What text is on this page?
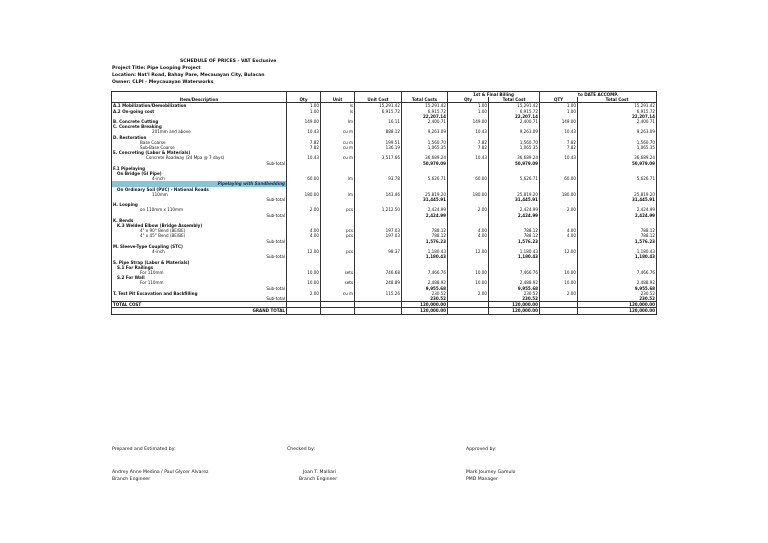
SCHEDULE OF PRICES - VAT Exclusive
Project Title: Pipe Looping Project
Location: Nat'l Road, Bahay Pare, Mecauayan City, Bulacan
Owner: CLPI - Meycauayan Waterworks
					1st & Final Billing		to DATE ACCOMP.	
Item/Description	Qty	Unit	Unit Cost	Total Costs	Qty	Total Cost	QTY	Total Cost
A.1 Mobilization/Demobilization	1.00	ls	15,291.42	15,291.42	1.00	15,291.42	1.00	15,291.42
A.2 On-going cost	1.00	ls	6,915.72	6,915.72	1.00	6,915.72	1.00	6,915.72
				22,207.14		22,207.14		22,207.14
B. Concrete Cutting	149.00	lm	16.11	2,400.71	149.00	2,400.71	149.00	2,400.71
C. Concrete Breaking								
201mm and above	10.43	cu m	888.12	9,263.09	10.43	9,263.09	10.43	9,263.09
D. Restoration								
Base Coarse	7.82	cu m	199.51	1,560.70	7.82	1,560.70	7.82	1,560.70
Sub-Base Coarse	7.82	cu m	136.19	1,065.35	7.82	1,065.35	7.82	1,065.35
E. Concreting (Labor & Materials)								
Concrete Roadway (24 Mpa @ 7 days)	10.43	cu m	3,517.66	36,689.24	10.43	36,689.24	10.43	36,689.24
Sub-total				50,979.09		50,979.09		50,979.09
F.1 Pipelaying								
On Bridge (GI Pipe)								
4-inch	60.00	lm	93.78	5,626.71	60.00	5,626.71	60.00	5,626.71
Pipelaying with Sandbedding								
On Ordinary Soil (PVC) - National Roads								
110mm	180.00	lm	143.46	25,819.20	180.00	25,819.20	180.00	25,819.20
Sub-total				31,445.91		31,445.91		31,445.91
H. Looping								
on 110mm x 110mm	2.00	pcs	1,212.50	2,424.99	2.00	2,424.99	2.00	2,424.99
Sub-total				2,424.99		2,424.99		2,424.99
K. Bends								
K.3 Welded Elbow (Bridge Assembly)								
4" x 90° Bend (BE/BE)	4.00	pcs	197.03	788.12	4.00	788.12	4.00	788.12
4" x 45° Bend (BE/BE)	4.00	pcs	197.03	788.12	4.00	788.12	4.00	788.12
Sub-total				1,576.23		1,576.23		1,576.23
M. Sleeve-Type Coupling (STC)								
4-inch	12.00	pcs	98.37	1,180.43	12.00	1,180.43	12.00	1,180.43
Sub-total				1,180.43		1,180.43		1,180.43
S. Pipe Strap (Labor & Materials)								
S.1 For Railings								
For 110mm	10.00	sets	746.68	7,466.76	10.00	7,466.76	10.00	7,466.76
S.2 For Wall								
For 110mm	10.00	sets	248.89	2,488.92	10.00	2,488.92	10.00	2,488.92
Sub-total				9,955.68		9,955.68		9,955.68
T. Test Pit Excavation and Backfilling	2.00	cu m	115.26	230.52	2.00	230.52	2.00	230.52
Sub-total				230.52		230.52		230.52
TOTAL COST				120,000.00		120,000.00		120,000.00
GRAND TOTAL				120,000.00		120,000.00		120,000.00
Prepared and Estimated by:
Andrey Anne Medina / Paul Glycer Alvarez
Branch Engineer
Checked by:
Joan T. Malliari
Branch Engineer
Approved by:
Mark Journey Gamulo
PMD Manager
